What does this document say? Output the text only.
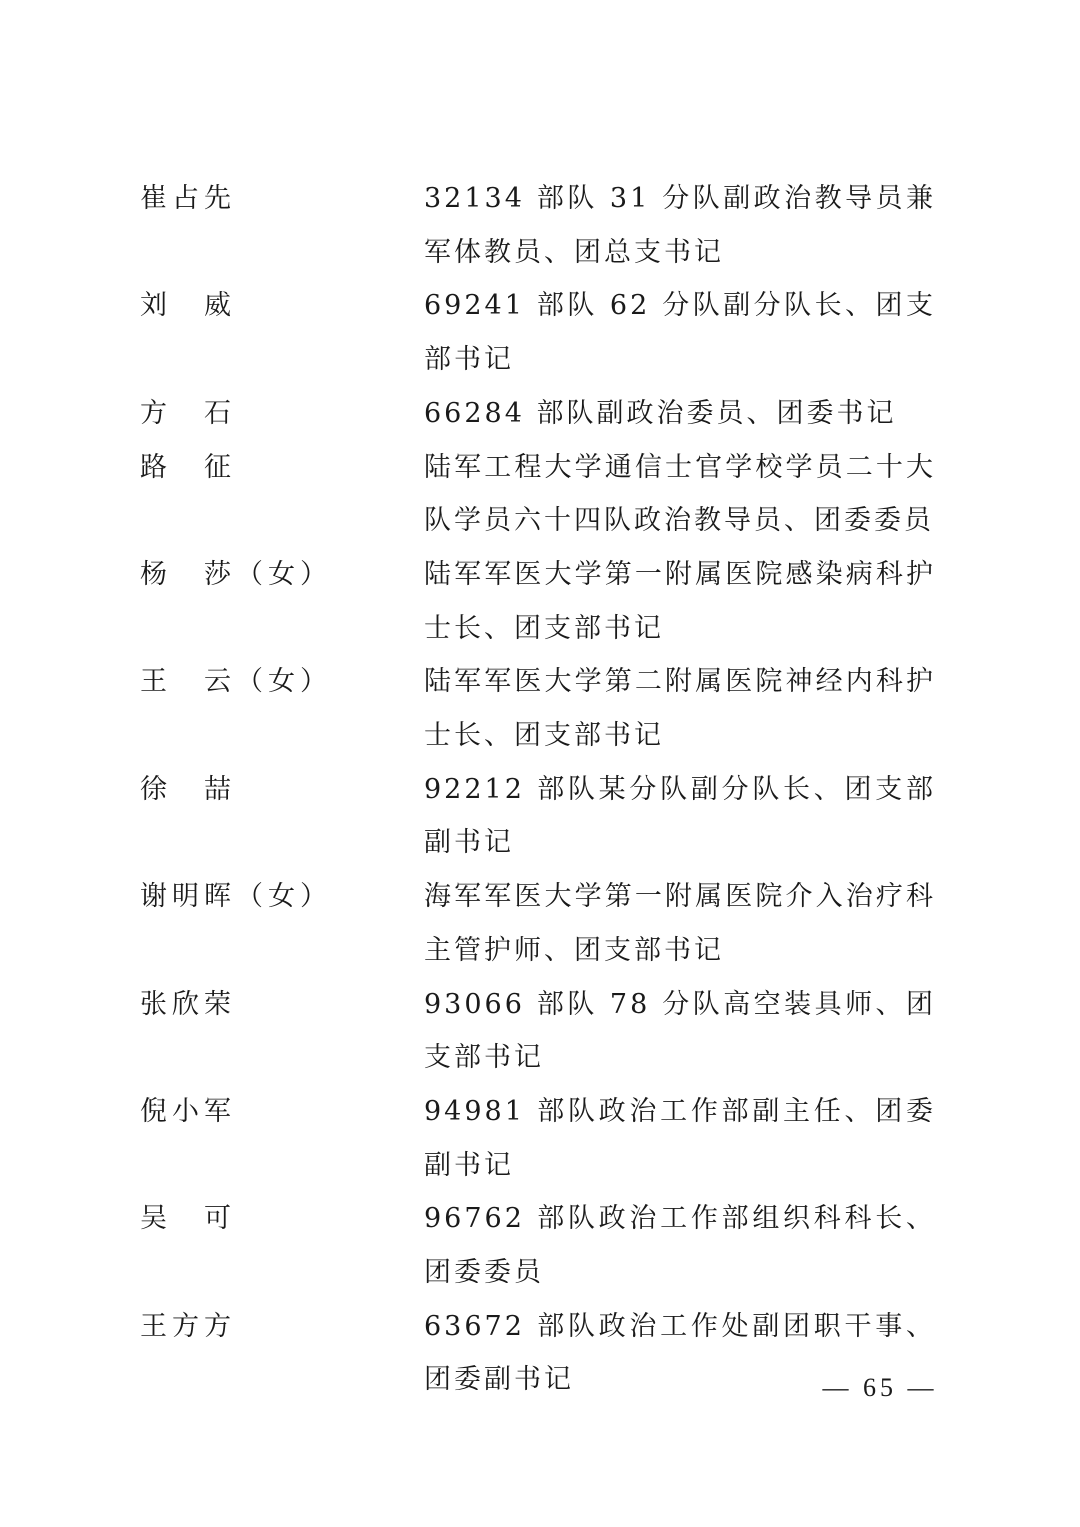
崔占先	32134 部队 31 分队副政治教导员兼军体教员、团总支书记
刘　威	69241 部队 62 分队副分队长、团支部书记
方　石	66284 部队副政治委员、团委书记
路　征	陆军工程大学通信士官学校学员二十大队学员六十四队政治教导员、团委委员
杨　莎（女）	陆军军医大学第一附属医院感染病科护士长、团支部书记
王　云（女）	陆军军医大学第二附属医院神经内科护士长、团支部书记
徐　喆	92212 部队某分队副分队长、团支部副书记
谢明晖（女）	海军军医大学第一附属医院介入治疗科主管护师、团支部书记
张欣荣	93066 部队 78 分队高空装具师、团支部书记
倪小军	94981 部队政治工作部副主任、团委副书记
吴　可	96762 部队政治工作部组织科科长、团委委员
王方方	63672 部队政治工作处副团职干事、团委副书记	— 65 —
